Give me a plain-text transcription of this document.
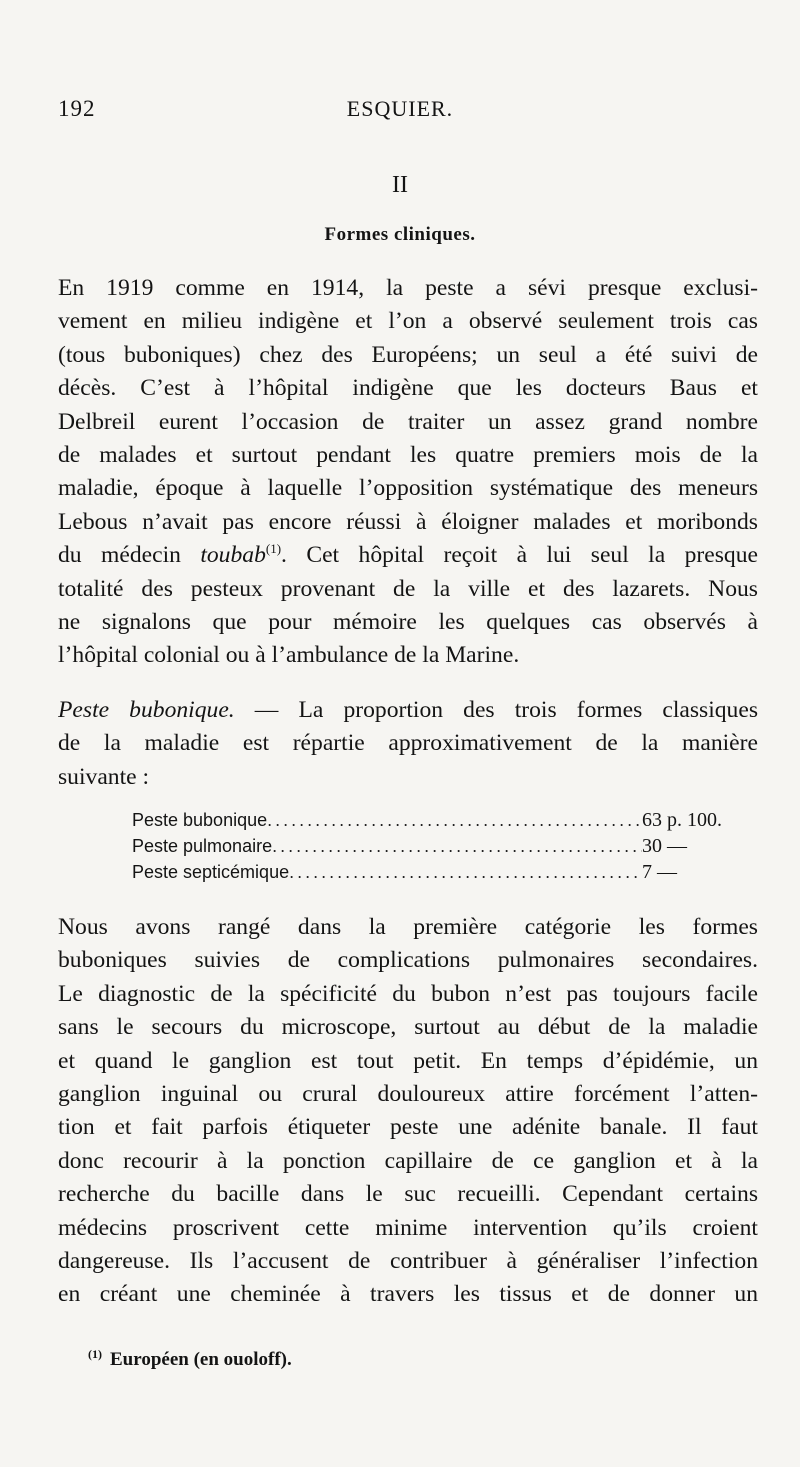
192	ESQUIER.
II
Formes cliniques.
En 1919 comme en 1914, la peste a sévi presque exclusi-
vement en milieu indigène et l’on a observé seulement trois cas
(tous buboniques) chez des Européens; un seul a été suivi de
décès. C’est à l’hôpital indigène que les docteurs Baus et
Delbreil eurent l’occasion de traiter un assez grand nombre
de malades et surtout pendant les quatre premiers mois de la
maladie, époque à laquelle l’opposition systématique des meneurs
Lebous n’avait pas encore réussi à éloigner malades et moribonds
du médecin toubab$^{(1)}$. Cet hôpital reçoit à lui seul la presque
totalité des pesteux provenant de la ville et des lazarets. Nous
ne signalons que pour mémoire les quelques cas observés à
l’hôpital colonial ou à l’ambulance de la Marine.
Peste bubonique. — La proportion des trois formes classiques
de la maladie est répartie approximativement de la manière
suivante :
Peste bubonique .....	63 p. 100.
Peste pulmonaire .....	30 —
Peste septicémique .....	7 —
Nous avons rangé dans la première catégorie les formes
buboniques suivies de complications pulmonaires secondaires.
Le diagnostic de la spécificité du bubon n’est pas toujours facile
sans le secours du microscope, surtout au début de la maladie
et quand le ganglion est tout petit. En temps d’épidémie, un
ganglion inguinal ou crural douloureux attire forcément l’atten-
tion et fait parfois étiqueter peste une adénite banale. Il faut
donc recourir à la ponction capillaire de ce ganglion et à la
recherche du bacille dans le suc recueilli. Cependant certains
médecins proscrivent cette minime intervention qu’ils croient
dangereuse. Ils l’accusent de contribuer à généraliser l’infection
en créant une cheminée à travers les tissus et de donner un
$^{(1)}$ Européen (en ouoloff).
